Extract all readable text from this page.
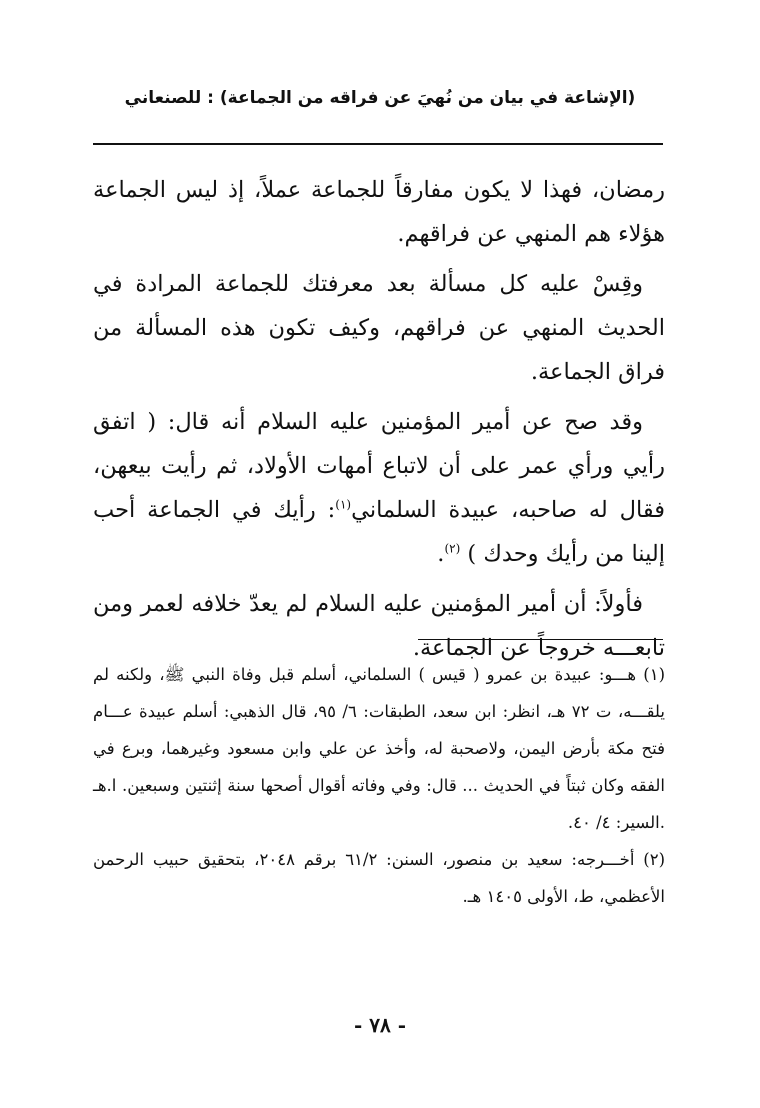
(الإشاعة في بيان من نُهيَ عن فراقه من الجماعة) : للصنعاني

رمضان، فهذا لا يكون مفارقاً للجماعة عملاً، إذ ليس الجماعة هؤلاء هم المنهي عن فراقهم.

وقِسْ عليه كل مسألة بعد معرفتك للجماعة المرادة في الحديث المنهي عن فراقهم، وكيف تكون هذه المسألة من فراق الجماعة.

وقد صح عن أمير المؤمنين عليه السلام أنه قال: ( اتفق رأيي ورأي عمر على أن لاتباع أمهات الأولاد، ثم رأيت بيعهن، فقال له صاحبه، عبيدة السلماني$^{(١)}$: رأيك في الجماعة أحب إلينا من رأيك وحدك ) $^{(٢)}$.

فأولاً: أن أمير المؤمنين عليه السلام لم يعدّ خلافه لعمر ومن تابعـــه خروجاً عن الجماعة.

(١) هـــو: عبيدة بن عمرو ( قيس ) السلماني، أسلم قبل وفاة النبي ﷺ، ولكنه لم يلقـــه، ت ٧٢ هـ، انظر: ابن سعد، الطبقات: ٦/ ٩٥، قال الذهبي: أسلم عبيدة عـــام فتح مكة بأرض اليمن، ولاصحبة له، وأخذ عن علي وابن مسعود وغيرهما، وبرع في الفقه وكان ثبتاً في الحديث ... قال: وفي وفاته أقوال أصحها سنة إثنتين وسبعين. ا.هـ .السير: ٤/ ٤٠.

(٢) أخـــرجه: سعيد بن منصور، السنن: ٦١/٢ برقم ٢٠٤٨، بتحقيق حبيب الرحمن الأعظمي، ط، الأولى ١٤٠٥ هـ.

- ٧٨ -
